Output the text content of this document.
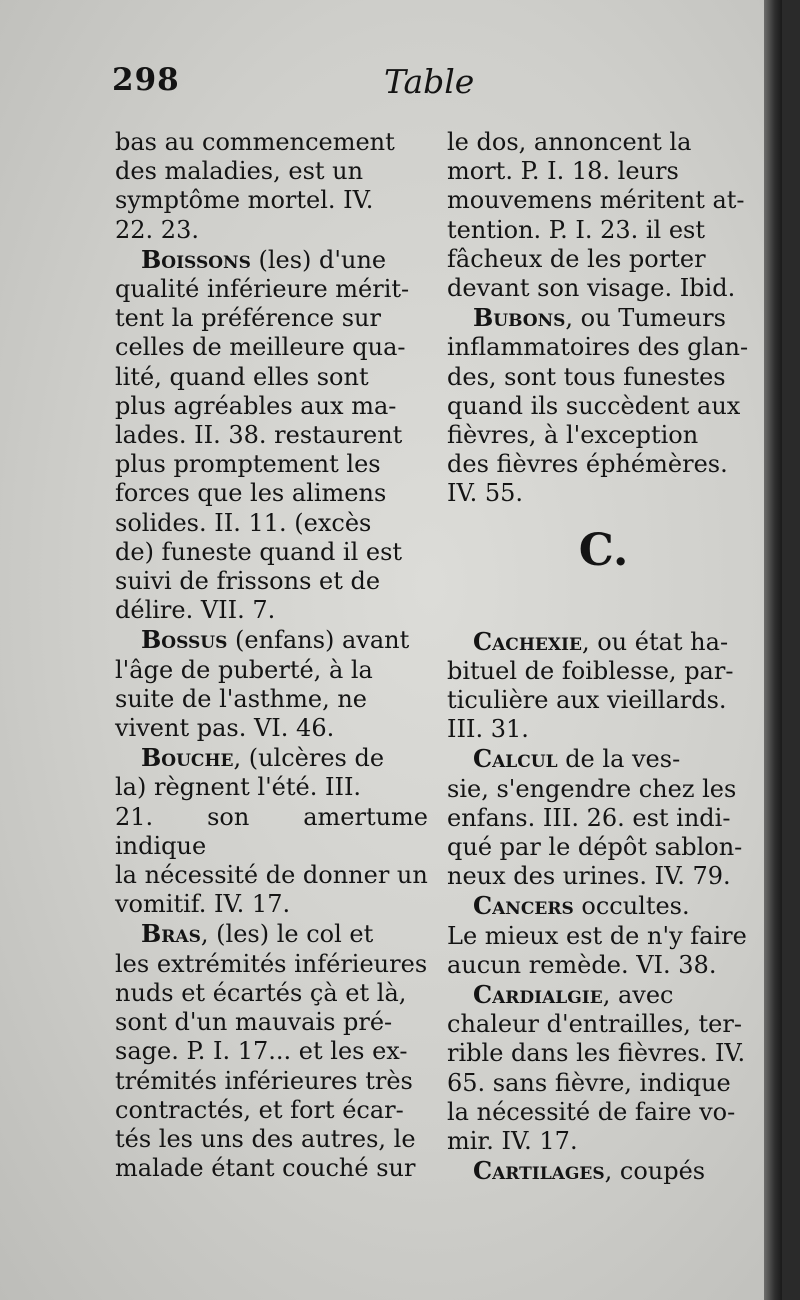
298	Table

bas au commencement

des maladies, est un

symptôme mortel. IV.

22. 23.

Boissons (les) d'une

qualité inférieure mérit-

tent la préférence sur

celles de meilleure qua-

lité, quand elles sont

plus agréables aux ma-

lades. II. 38. restaurent

plus promptement les

forces que les alimens

solides. II. 11. (excès

de) funeste quand il est

suivi de frissons et de

délire. VII. 7.

Bossus (enfans) avant

l'âge de puberté, à la

suite de l'asthme, ne

vivent pas. VI. 46.

Bouche, (ulcères de

la) règnent l'été. III.

21. son amertume indique

la nécessité de donner un

vomitif. IV. 17.

Bras, (les) le col et

les extrémités inférieures

nuds et écartés çà et là,

sont d'un mauvais pré-

sage. P. I. 17... et les ex-

trémités inférieures très

contractés, et fort écar-

tés les uns des autres, le

malade étant couché sur

le dos, annoncent la

mort. P. I. 18. leurs

mouvemens méritent at-

tention. P. I. 23. il est

fâcheux de les porter

devant son visage. Ibid.

Bubons, ou Tumeurs

inflammatoires des glan-

des, sont tous funestes

quand ils succèdent aux

fièvres, à l'exception

des fièvres éphémères.

IV. 55.

C.

Cachexie, ou état ha-

bituel de foiblesse, par-

ticulière aux vieillards.

III. 31.

Calcul de la ves-

sie, s'engendre chez les

enfans. III. 26. est indi-

qué par le dépôt sablon-

neux des urines. IV. 79.

Cancers occultes.

Le mieux est de n'y faire

aucun remède. VI. 38.

Cardialgie, avec

chaleur d'entrailles, ter-

rible dans les fièvres. IV.

65. sans fièvre, indique

la nécessité de faire vo-

mir. IV. 17.

Cartilages, coupés
